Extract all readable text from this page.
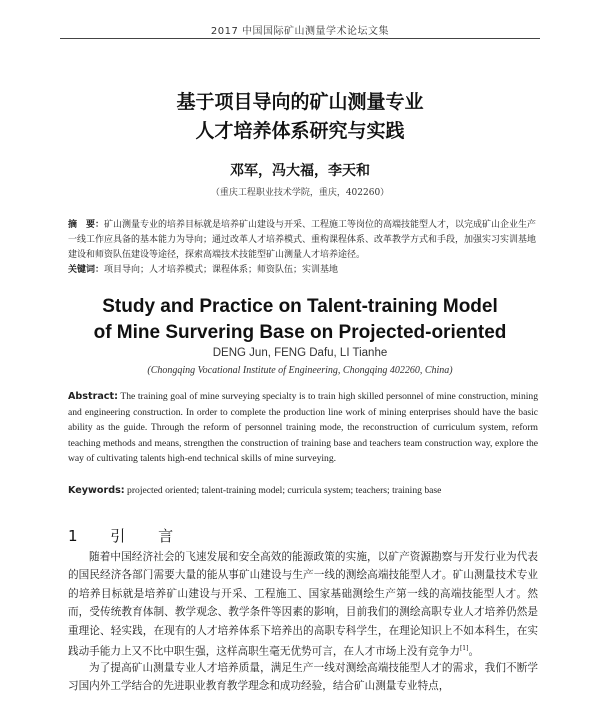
2017 中国国际矿山测量学术论坛文集
基于项目导向的矿山测量专业
人才培养体系研究与实践
邓军，冯大福，李天和
（重庆工程职业技术学院，重庆，402260）
摘　要：矿山测量专业的培养目标就是培养矿山建设与开采、工程施工等岗位的高端技能型人才，以完成矿山企业生产一线工作应具备的基本能力为导向；通过改革人才培养模式、重构课程体系、改革教学方式和手段，加强实习实训基地建设和师资队伍建设等途径，探索高端技术技能型矿山测量人才培养途径。
关键词：项目导向；人才培养模式；课程体系；师资队伍；实训基地
Study and Practice on Talent-training Model
of Mine Survering Base on Projected-oriented
DENG Jun, FENG Dafu, LI Tianhe
(Chongqing Vocational Institute of Engineering, Chongqing 402260, China)
Abstract: The training goal of mine surveying specialty is to train high skilled personnel of mine construction, mining and engineering construction. In order to complete the production line work of mining enterprises should have the basic ability as the guide. Through the reform of personnel training mode, the reconstruction of curriculum system, reform teaching methods and means, strengthen the construction of training base and teachers team construction way, explore the way of cultivating talents high-end technical skills of mine surveying.
Keywords: projected oriented; talent-training model; curricula system; teachers; training base
1 引 言
随着中国经济社会的飞速发展和安全高效的能源政策的实施，以矿产资源勘察与开发行业为代表的国民经济各部门需要大量的能从事矿山建设与生产一线的测绘高端技能型人才。矿山测量技术专业的培养目标就是培养矿山建设与开采、工程施工、国家基础测绘生产第一线的高端技能型人才。然而，受传统教育体制、教学观念、教学条件等因素的影响，目前我们的测绘高职专业人才培养仍然是重理论、轻实践，在现有的人才培养体系下培养出的高职专科学生，在理论知识上不如本科生，在实践动手能力上又不比中职生强，这样高职生毫无优势可言，在人才市场上没有竞争力[1]。
为了提高矿山测量专业人才培养质量，满足生产一线对测绘高端技能型人才的需求，我们不断学习国内外工学结合的先进职业教育教学理念和成功经验，结合矿山测量专业特点，
